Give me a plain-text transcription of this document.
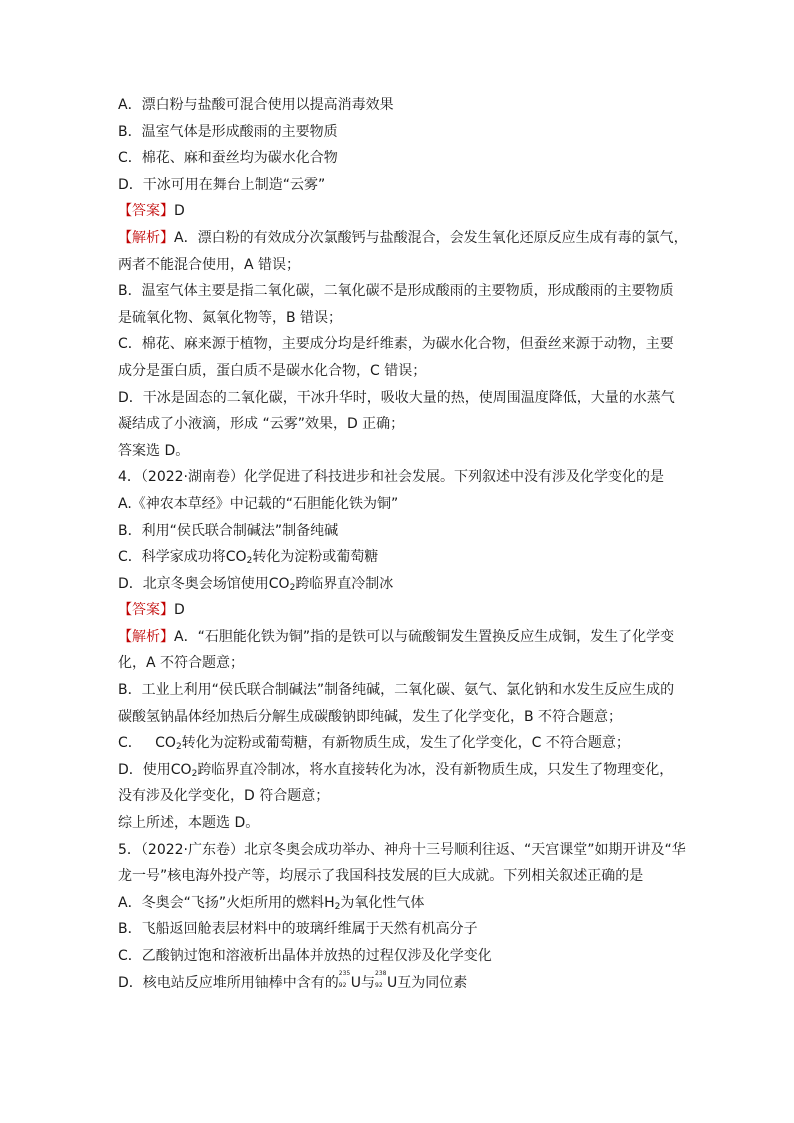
A．漂白粉与盐酸可混合使用以提高消毒效果

B．温室气体是形成酸雨的主要物质

C．棉花、麻和蚕丝均为碳水化合物

D．干冰可用在舞台上制造“云雾”

【答案】D

【解析】A．漂白粉的有效成分次氯酸钙与盐酸混合，会发生氧化还原反应生成有毒的氯气，

两者不能混合使用，A 错误；

B．温室气体主要是指二氧化碳，二氧化碳不是形成酸雨的主要物质，形成酸雨的主要物质

是硫氧化物、氮氧化物等，B 错误；

C．棉花、麻来源于植物，主要成分均是纤维素，为碳水化合物，但蚕丝来源于动物，主要

成分是蛋白质，蛋白质不是碳水化合物，C 错误；

D．干冰是固态的二氧化碳，干冰升华时，吸收大量的热，使周围温度降低，大量的水蒸气

凝结成了小液滴，形成 “云雾”效果，D 正确；

答案选 D。

4．（2022·湖南卷）化学促进了科技进步和社会发展。下列叙述中没有涉及化学变化的是

A.《神农本草经》中记载的“石胆能化铁为铜”

B．利用“侯氏联合制碱法”制备纯碱

C．科学家成功将$CO_2$转化为淀粉或葡萄糖

D．北京冬奥会场馆使用$CO_2$跨临界直冷制冰

【答案】D

【解析】A．“石胆能化铁为铜”指的是铁可以与硫酸铜发生置换反应生成铜，发生了化学变

化，A 不符合题意；

B．工业上利用“侯氏联合制碱法”制备纯碱，二氧化碳、氨气、氯化钠和水发生反应生成的

碳酸氢钠晶体经加热后分解生成碳酸钠即纯碱，发生了化学变化，B 不符合题意；

C． $CO_2$转化为淀粉或葡萄糖，有新物质生成，发生了化学变化，C 不符合题意；

D．使用$CO_2$跨临界直冷制冰，将水直接转化为冰，没有新物质生成，只发生了物理变化，

没有涉及化学变化，D 符合题意；

综上所述，本题选 D。

5．（2022·广东卷）北京冬奥会成功举办、神舟十三号顺利往返、“天宫课堂”如期开讲及“华

龙一号”核电海外投产等，均展示了我国科技发展的巨大成就。下列相关叙述正确的是

A．冬奥会“飞扬”火炬所用的燃料$H_2$为氧化性气体

B．飞船返回舱表层材料中的玻璃纤维属于天然有机高分子

C．乙酸钠过饱和溶液析出晶体并放热的过程仅涉及化学变化

D．核电站反应堆所用铀棒中含有的
235
92 U与
238
92 U互为同位素
